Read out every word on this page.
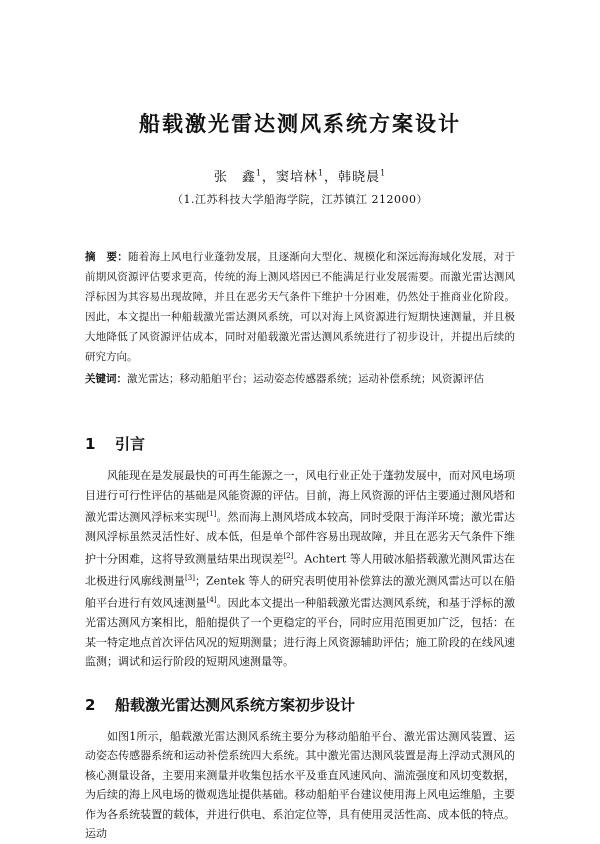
船载激光雷达测风系统方案设计
张　鑫$^1$，窦培林$^1$，韩晓晨$^1$
（1.江苏科技大学船海学院，江苏镇江 212000）
摘　要：随着海上风电行业蓬勃发展，且逐渐向大型化、规模化和深远海海域化发展，对于前期风资源评估要求更高，传统的海上测风塔因已不能满足行业发展需要。而激光雷达测风浮标因为其容易出现故障，并且在恶劣天气条件下维护十分困难，仍然处于推商业化阶段。因此，本文提出一种船载激光雷达测风系统，可以对海上风资源进行短期快速测量，并且极大地降低了风资源评估成本，同时对船载激光雷达测风系统进行了初步设计，并提出后续的研究方向。
关键词：激光雷达；移动船舶平台；运动姿态传感器系统；运动补偿系统；风资源评估
1 引言

风能现在是发展最快的可再生能源之一，风电行业正处于蓬勃发展中，而对风电场项目进行可行性评估的基础是风能资源的评估。目前，海上风资源的评估主要通过测风塔和激光雷达测风浮标来实现[1]。然而海上测风塔成本较高，同时受限于海洋环境；激光雷达测风浮标虽然灵活性好、成本低，但是单个部件容易出现故障，并且在恶劣天气条件下维护十分困难，这将导致测量结果出现误差[2]。Achtert 等人用破冰船搭载激光测风雷达在北极进行风廓线测量[3]；Zentek 等人的研究表明使用补偿算法的激光测风雷达可以在船舶平台进行有效风速测量[4]。因此本文提出一种船载激光雷达测风系统，和基于浮标的激光雷达测风方案相比，船舶提供了一个更稳定的平台，同时应用范围更加广泛，包括：在某一特定地点首次评估风况的短期测量；进行海上风资源辅助评估；施工阶段的在线风速监测；调试和运行阶段的短期风速测量等。

2 船载激光雷达测风系统方案初步设计

如图1所示，船载激光雷达测风系统主要分为移动船舶平台、激光雷达测风装置、运动姿态传感器系统和运动补偿系统四大系统。其中激光雷达测风装置是海上浮动式测风的核心测量设备，主要用来测量并收集包括水平及垂直风速风向、湍流强度和风切变数据，为后续的海上风电场的微观选址提供基础。移动船舶平台建议使用海上风电运维船，主要作为各系统装置的载体，并进行供电、系泊定位等，具有使用灵活性高、成本低的特点。运动
